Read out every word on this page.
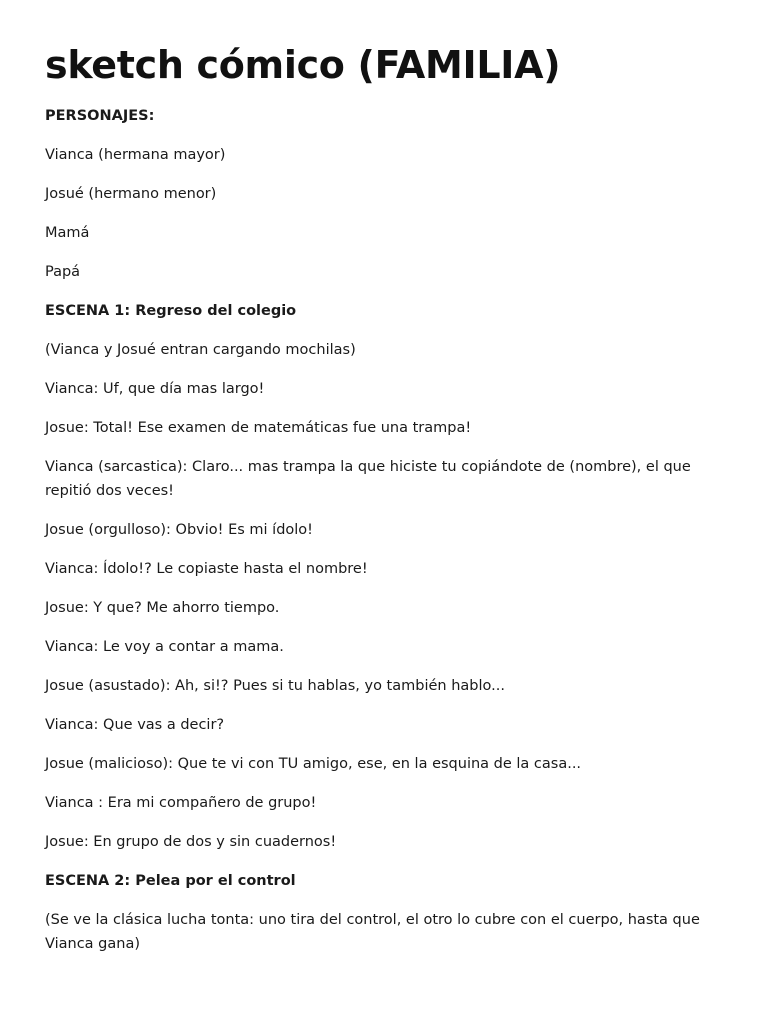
sketch cómico (FAMILIA)

PERSONAJES:

Vianca (hermana mayor)

Josué (hermano menor)

Mamá

Papá

ESCENA 1: Regreso del colegio

(Vianca y Josué entran cargando mochilas)

Vianca: Uf, que día mas largo!

Josue: Total! Ese examen de matemáticas fue una trampa!

Vianca (sarcastica): Claro... mas trampa la que hiciste tu copiándote de (nombre), el que repitió dos veces!

Josue (orgulloso): Obvio! Es mi ídolo!

Vianca: Ídolo!? Le copiaste hasta el nombre!

Josue: Y que? Me ahorro tiempo.

Vianca: Le voy a contar a mama.

Josue (asustado): Ah, si!? Pues si tu hablas, yo también hablo...

Vianca: Que vas a decir?

Josue (malicioso): Que te vi con TU amigo, ese, en la esquina de la casa...

Vianca : Era mi compañero de grupo!

Josue: En grupo de dos y sin cuadernos!

ESCENA 2: Pelea por el control

(Se ve la clásica lucha tonta: uno tira del control, el otro lo cubre con el cuerpo, hasta que Vianca gana)
